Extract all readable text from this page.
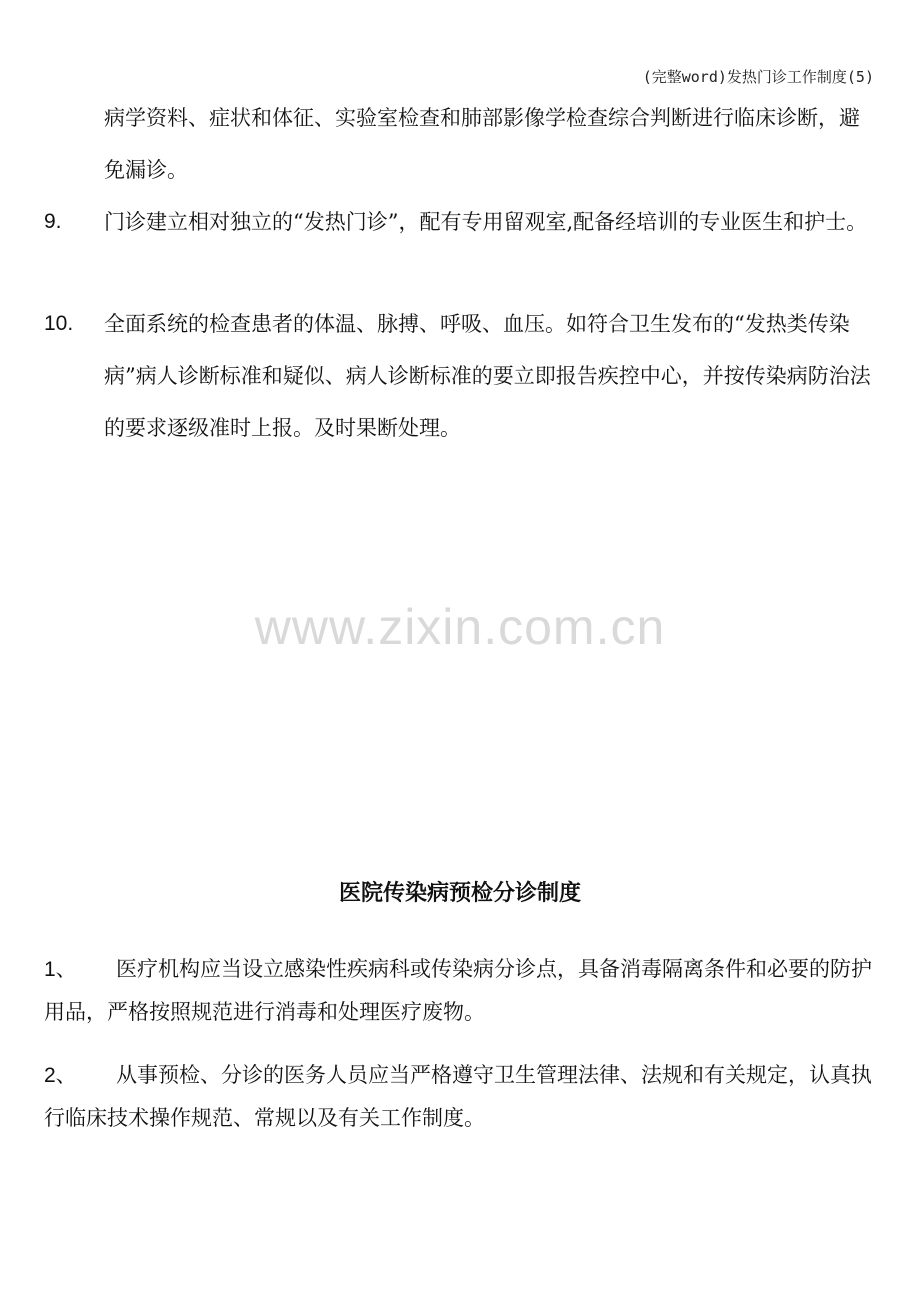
(完整word)发热门诊工作制度(5)
病学资料、症状和体征、实验室检查和肺部影像学检查综合判断进行临床诊断，避免漏诊。
9. 门诊建立相对独立的“发热门诊”，配有专用留观室,配备经培训的专业医生和护士。
10. 全面系统的检查患者的体温、脉搏、呼吸、血压。如符合卫生发布的“发热类传染病”病人诊断标准和疑似、病人诊断标准的要立即报告疾控中心，并按传染病防治法的要求逐级准时上报。及时果断处理。
www.zixin.com.cn
医院传染病预检分诊制度
1、 医疗机构应当设立感染性疾病科或传染病分诊点，具备消毒隔离条件和必要的防护用品，严格按照规范进行消毒和处理医疗废物。
2、 从事预检、分诊的医务人员应当严格遵守卫生管理法律、法规和有关规定，认真执行临床技术操作规范、常规以及有关工作制度。
